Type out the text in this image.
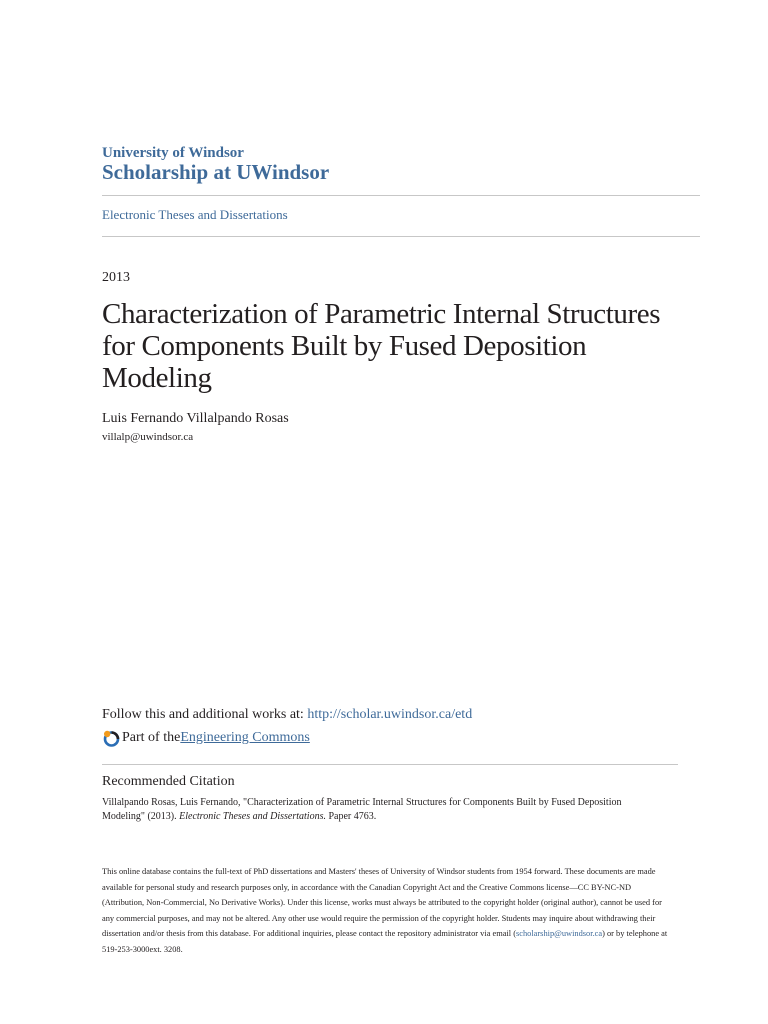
University of Windsor
Scholarship at UWindsor
Electronic Theses and Dissertations
2013
Characterization of Parametric Internal Structures for Components Built by Fused Deposition Modeling
Luis Fernando Villalpando Rosas
villalp@uwindsor.ca
Follow this and additional works at: http://scholar.uwindsor.ca/etd
Part of the Engineering Commons
Recommended Citation
Villalpando Rosas, Luis Fernando, "Characterization of Parametric Internal Structures for Components Built by Fused Deposition Modeling" (2013). Electronic Theses and Dissertations. Paper 4763.
This online database contains the full-text of PhD dissertations and Masters' theses of University of Windsor students from 1954 forward. These documents are made available for personal study and research purposes only, in accordance with the Canadian Copyright Act and the Creative Commons license—CC BY-NC-ND (Attribution, Non-Commercial, No Derivative Works). Under this license, works must always be attributed to the copyright holder (original author), cannot be used for any commercial purposes, and may not be altered. Any other use would require the permission of the copyright holder. Students may inquire about withdrawing their dissertation and/or thesis from this database. For additional inquiries, please contact the repository administrator via email (scholarship@uwindsor.ca) or by telephone at 519-253-3000ext. 3208.
